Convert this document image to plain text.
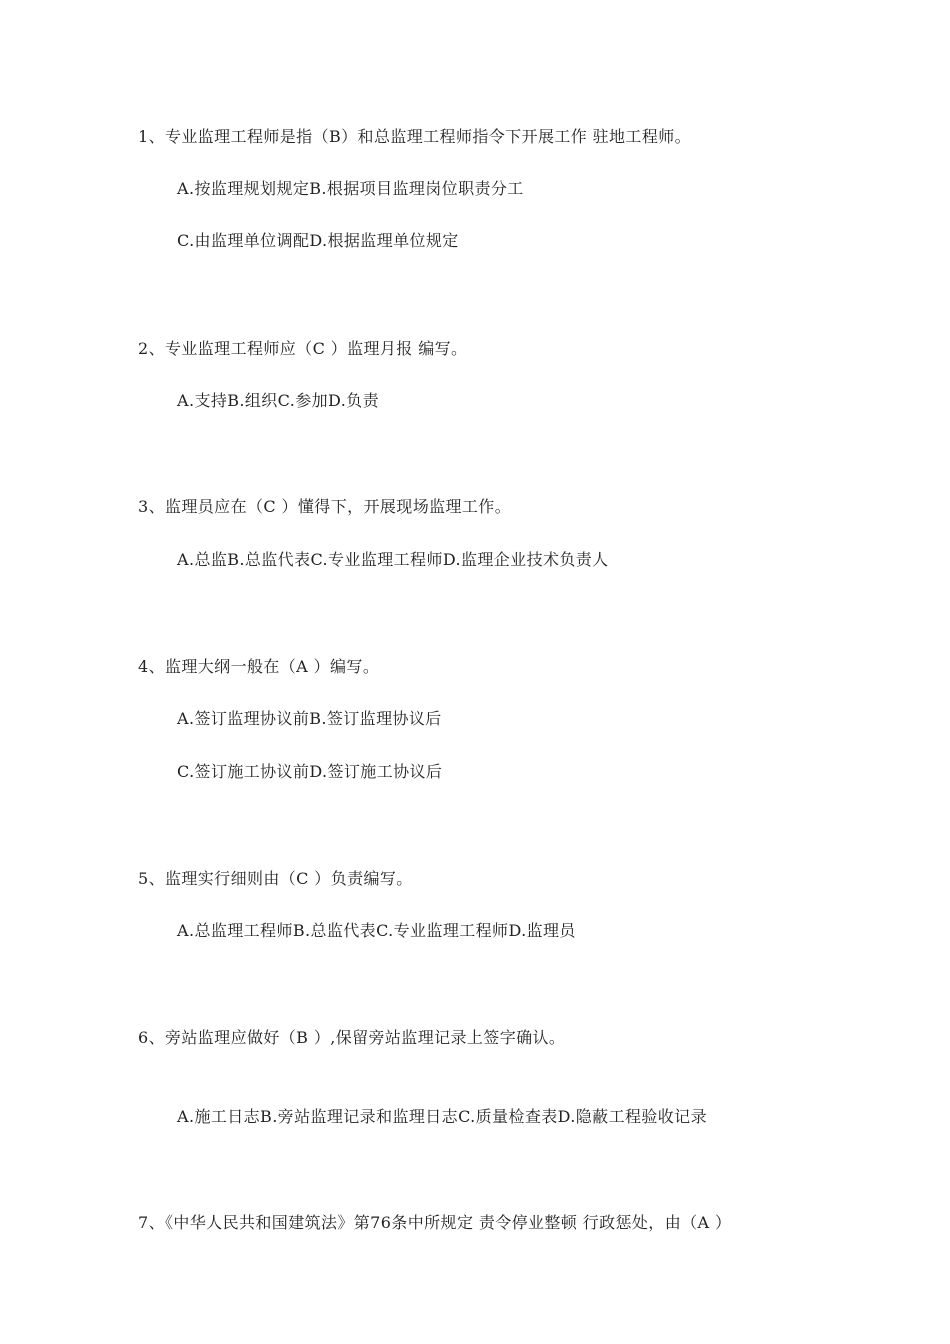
1、专业监理工程师是指（B）和总监理工程师指令下开展工作 驻地工程师。
A.按监理规划规定B.根据项目监理岗位职责分工
C.由监理单位调配D.根据监理单位规定
2、专业监理工程师应（C ）监理月报 编写。
A.支持B.组织C.参加D.负责
3、监理员应在（C ）懂得下，开展现场监理工作。
A.总监B.总监代表C.专业监理工程师D.监理企业技术负责人
4、监理大纲一般在（A ）编写。
A.签订监理协议前B.签订监理协议后
C.签订施工协议前D.签订施工协议后
5、监理实行细则由（C ）负责编写。
A.总监理工程师B.总监代表C.专业监理工程师D.监理员
6、旁站监理应做好（B ）,保留旁站监理记录上签字确认。
A.施工日志B.旁站监理记录和监理日志C.质量检查表D.隐蔽工程验收记录
7、《中华人民共和国建筑法》第76条中所规定 责令停业整顿 行政惩处，由（A ）
